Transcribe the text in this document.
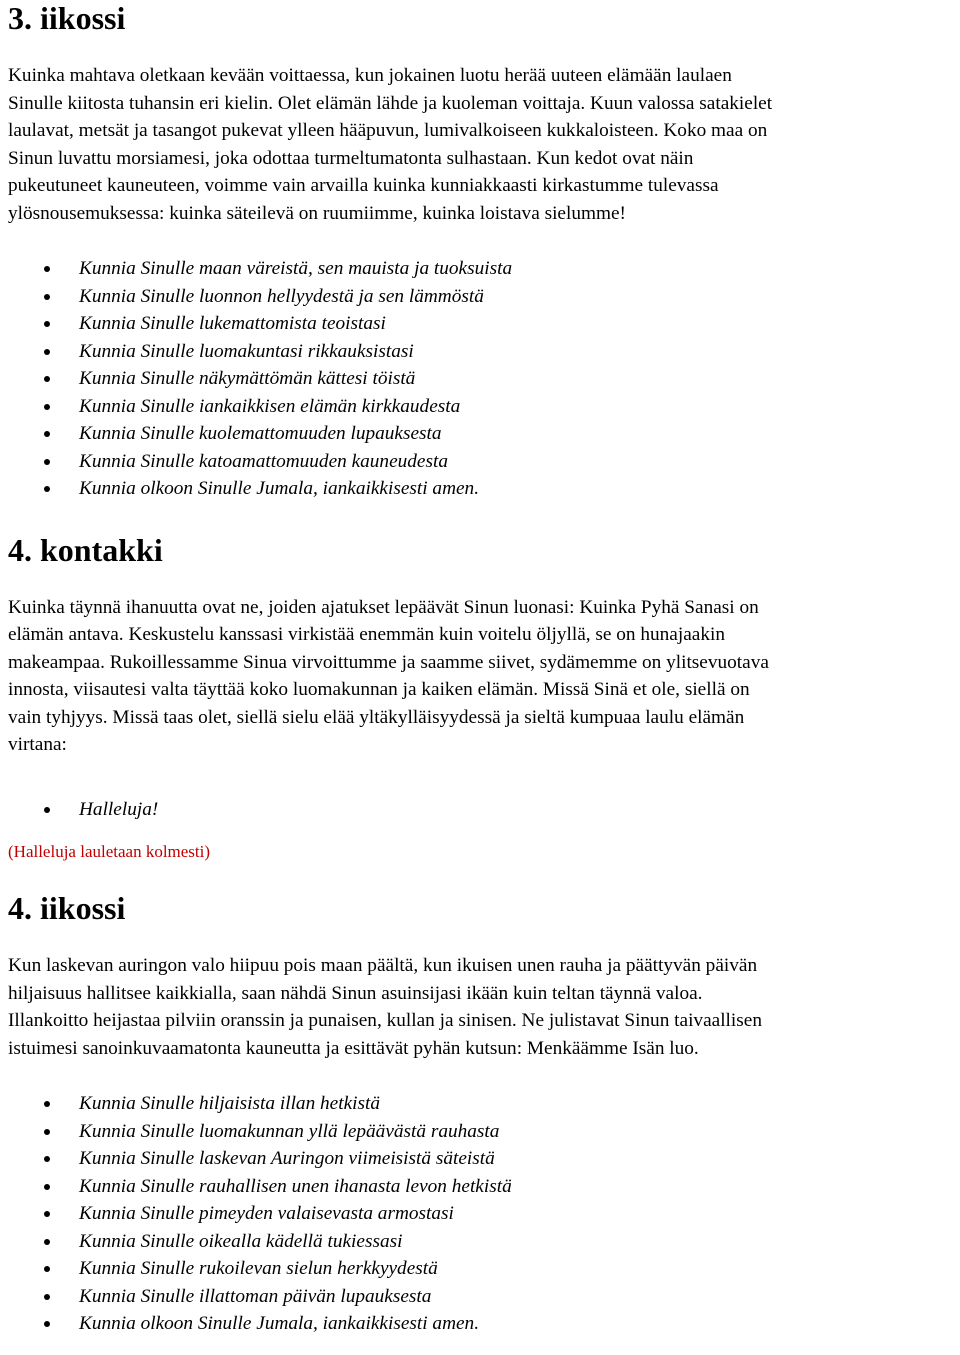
3. iikossi

Kuinka mahtava oletkaan kevään voittaessa, kun jokainen luotu herää uuteen elämään laulaen

Sinulle kiitosta tuhansin eri kielin. Olet elämän lähde ja kuoleman voittaja. Kuun valossa satakielet

laulavat, metsät ja tasangot pukevat ylleen hääpuvun, lumivalkoiseen kukkaloisteen. Koko maa on

Sinun luvattu morsiamesi, joka odottaa turmeltumatonta sulhastaan. Kun kedot ovat näin

pukeutuneet kauneuteen, voimme vain arvailla kuinka kunniakkaasti kirkastumme tulevassa

ylösnousemuksessa: kuinka säteilevä on ruumiimme, kuinka loistava sielumme!

Kunnia Sinulle maan väreistä, sen mauista ja tuoksuista
Kunnia Sinulle luonnon hellyydestä ja sen lämmöstä
Kunnia Sinulle lukemattomista teoistasi
Kunnia Sinulle luomakuntasi rikkauksistasi
Kunnia Sinulle näkymättömän kättesi töistä
Kunnia Sinulle iankaikkisen elämän kirkkaudesta
Kunnia Sinulle kuolemattomuuden lupauksesta
Kunnia Sinulle katoamattomuuden kauneudesta
Kunnia olkoon Sinulle Jumala, iankaikkisesti amen.
4. kontakki

Kuinka täynnä ihanuutta ovat ne, joiden ajatukset lepäävät Sinun luonasi: Kuinka Pyhä Sanasi on

elämän antava. Keskustelu kanssasi virkistää enemmän kuin voitelu öljyllä, se on hunajaakin

makeampaa. Rukoillessamme Sinua virvoittumme ja saamme siivet, sydämemme on ylitsevuotava

innosta, viisautesi valta täyttää koko luomakunnan ja kaiken elämän. Missä Sinä et ole, siellä on

vain tyhjyys. Missä taas olet, siellä sielu elää yltäkylläisyydessä ja sieltä kumpuaa laulu elämän

virtana:

Halleluja!

(Halleluja lauletaan kolmesti)

4. iikossi

Kun laskevan auringon valo hiipuu pois maan päältä, kun ikuisen unen rauha ja päättyvän päivän

hiljaisuus hallitsee kaikkialla, saan nähdä Sinun asuinsijasi ikään kuin teltan täynnä valoa.

Illankoitto heijastaa pilviin oranssin ja punaisen, kullan ja sinisen. Ne julistavat Sinun taivaallisen

istuimesi sanoinkuvaamatonta kauneutta ja esittävät pyhän kutsun: Menkäämme Isän luo.

Kunnia Sinulle hiljaisista illan hetkistä
Kunnia Sinulle luomakunnan yllä lepäävästä rauhasta
Kunnia Sinulle laskevan Auringon viimeisistä säteistä
Kunnia Sinulle rauhallisen unen ihanasta levon hetkistä
Kunnia Sinulle pimeyden valaisevasta armostasi
Kunnia Sinulle oikealla kädellä tukiessasi
Kunnia Sinulle rukoilevan sielun herkkyydestä
Kunnia Sinulle illattoman päivän lupauksesta
Kunnia olkoon Sinulle Jumala, iankaikkisesti amen.
